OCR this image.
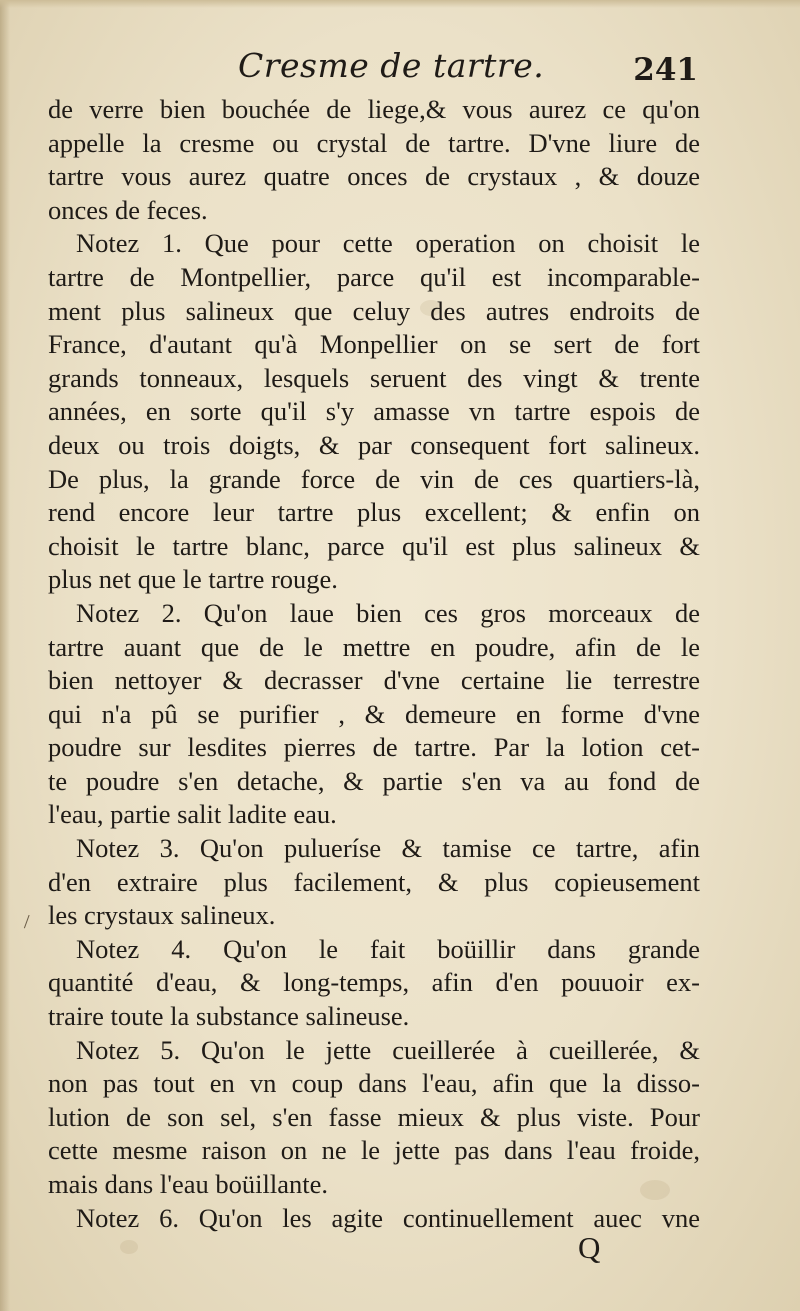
Cresme de tartre.	241
de verre bien bouchée de liege,& vous aurez ce qu'on
appelle la cresme ou crystal de tartre. D'vne liure de
tartre vous aurez quatre onces de crystaux , & douze
onces de feces.
Notez 1. Que pour cette operation on choisit le
tartre de Montpellier, parce qu'il est incomparable-
ment plus salineux que celuy des autres endroits de
France, d'autant qu'à Monpellier on se sert de fort
grands tonneaux, lesquels seruent des vingt & trente
années, en sorte qu'il s'y amasse vn tartre espois de
deux ou trois doigts, & par consequent fort salineux.
De plus, la grande force de vin de ces quartiers-là,
rend encore leur tartre plus excellent; & enfin on
choisit le tartre blanc, parce qu'il est plus salineux &
plus net que le tartre rouge.
Notez 2. Qu'on laue bien ces gros morceaux de
tartre auant que de le mettre en poudre, afin de le
bien nettoyer & decrasser d'vne certaine lie terrestre
qui n'a pû se purifier , & demeure en forme d'vne
poudre sur lesdites pierres de tartre. Par la lotion cet-
te poudre s'en detache, & partie s'en va au fond de
l'eau, partie salit ladite eau.
Notez 3. Qu'on pulueríse & tamise ce tartre, afin
d'en extraire plus facilement, & plus copieusement
les crystaux salineux.
Notez 4. Qu'on le fait boüillir dans grande
quantité d'eau, & long-temps, afin d'en pouuoir ex-
traire toute la substance salineuse.
Notez 5. Qu'on le jette cueillerée à cueillerée, &
non pas tout en vn coup dans l'eau, afin que la disso-
lution de son sel, s'en fasse mieux & plus viste. Pour
cette mesme raison on ne le jette pas dans l'eau froide,
mais dans l'eau boüillante.
Notez 6. Qu'on les agite continuellement auec vne
Q
